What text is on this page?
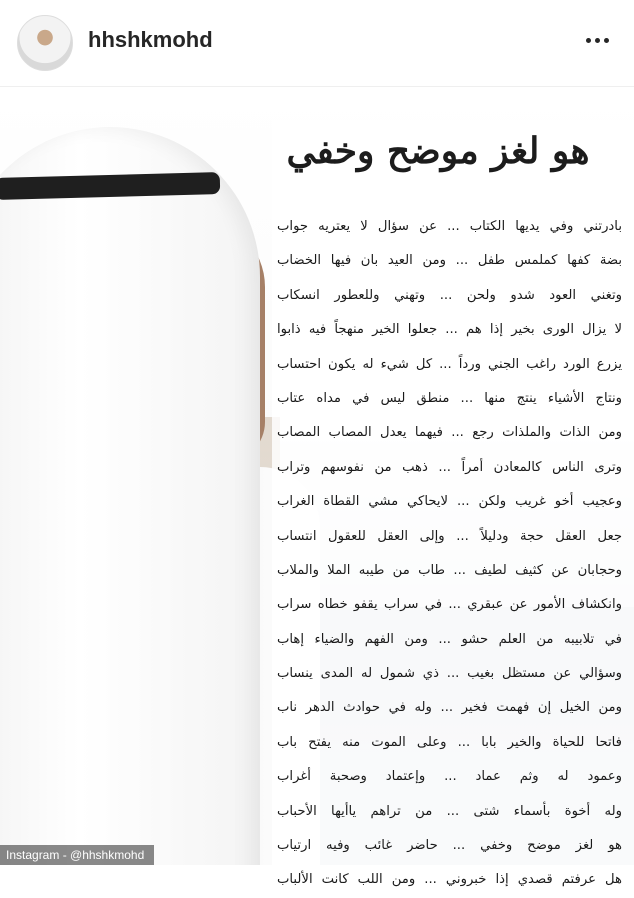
hhshkmohd
هو لغز موضح وخفي
بادرتني وفي يديها الكتاب ... عن سؤال لا يعتريه جواب
بضة كفها كملمس طفل ... ومن العيد بان فيها الخضاب
وتغني العود شدو ولحن ... وتهني وللعطور انسكاب
لا يزال الورى بخير إذا هم ... جعلوا الخير منهجاً فيه ذابوا
يزرع الورد راغب الجني ورداً ... كل شيء له يكون احتساب
ونتاج الأشياء ينتج منها ... منطق ليس في مداه عتاب
ومن الذات والملذات رجع ... فيهما يعدل المصاب المصاب
وترى الناس كالمعادن أمراً ... ذهب من نفوسهم وتراب
وعجيب أخو غريب ولكن ... لايحاكي مشي القطاة الغراب
جعل العقل حجة ودليلاً ... وإلى العقل للعقول انتساب
وحجابان عن كثيف لطيف ... طاب من طيبه الملا والملاب
وانكشاف الأمور عن عبقري ... في سراب يقفو خطاه سراب
في تلابيبه من العلم حشو ... ومن الفهم والضياء إهاب
وسؤالي عن مستظل بغيب ... ذي شمول له المدى ينساب
ومن الخيل إن فهمت فخير ... وله في حوادث الدهر ناب
فاتحا للحياة والخير بابا ... وعلى الموت منه يفتح باب
وعمود له وثم عماد ... وإعتماد وصحبة أغراب
وله أخوة بأسماء شتى ... من تراهم ياأيها الأحباب
هو لغز موضح وخفي ... حاضر غائب وفيه ارتياب
هل عرفتم قصدي إذا خبروني ... ومن اللب كانت الألباب
Instagram - @hhshkmohd
